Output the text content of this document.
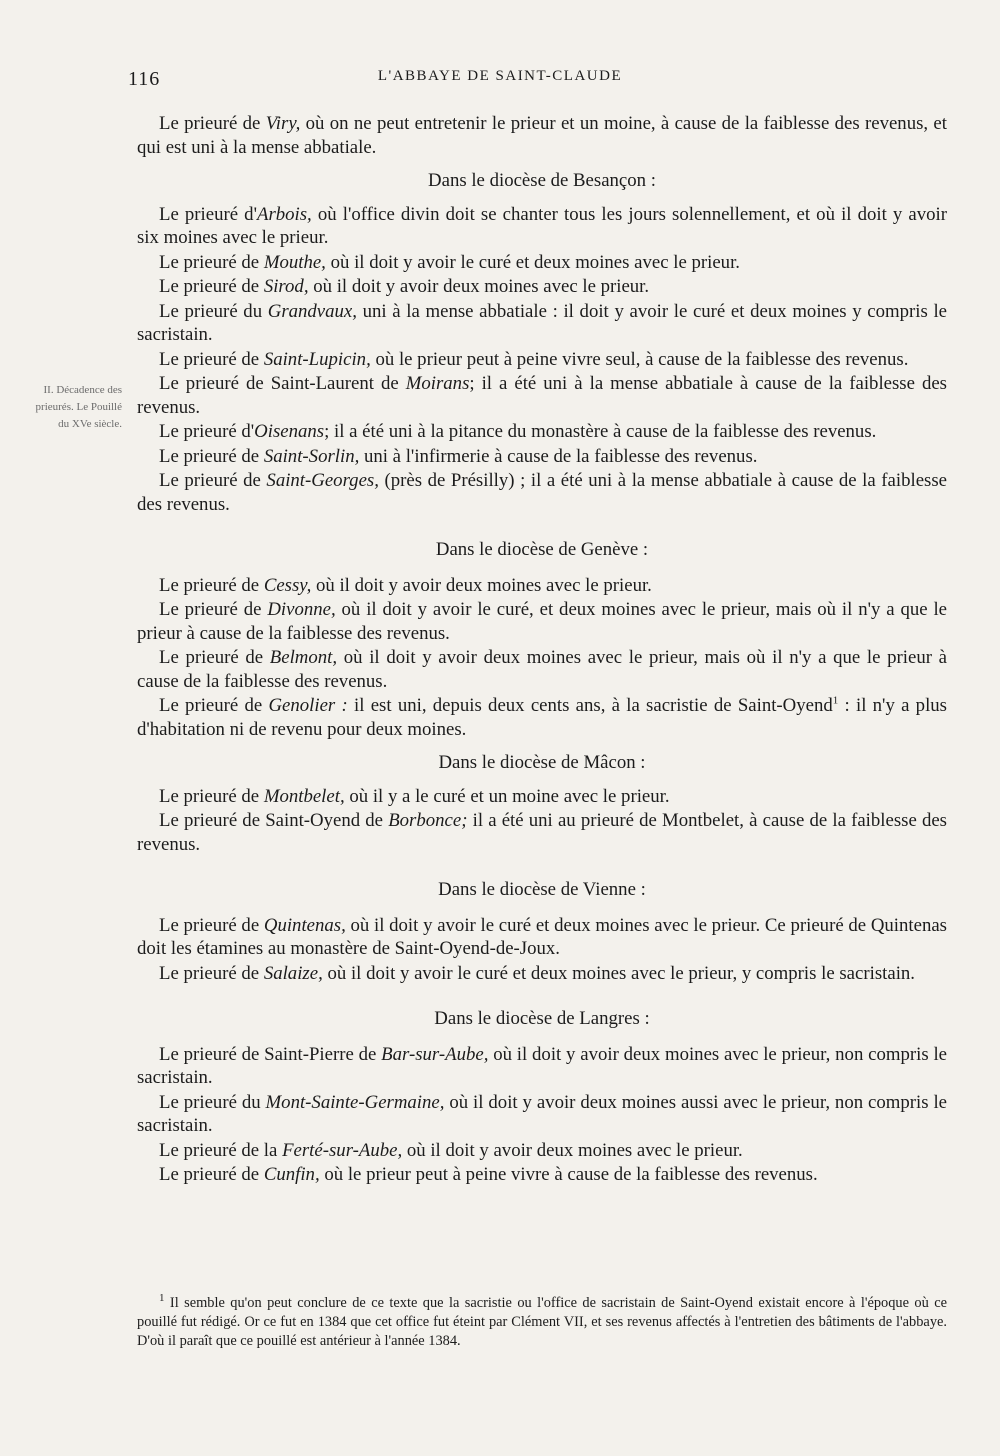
116	L'ABBAYE DE SAINT-CLAUDE
II. Décadence des prieurés. Le Pouillé du XVe siècle.

Le prieuré de Viry, où on ne peut entretenir le prieur et un moine, à cause de la faiblesse des revenus, et qui est uni à la mense abbatiale.

Dans le diocèse de Besançon :

Le prieuré d'Arbois, où l'office divin doit se chanter tous les jours solennellement, et où il doit y avoir six moines avec le prieur.

Le prieuré de Mouthe, où il doit y avoir le curé et deux moines avec le prieur.

Le prieuré de Sirod, où il doit y avoir deux moines avec le prieur.

Le prieuré du Grandvaux, uni à la mense abbatiale : il doit y avoir le curé et deux moines y compris le sacristain.

Le prieuré de Saint-Lupicin, où le prieur peut à peine vivre seul, à cause de la faiblesse des revenus.

Le prieuré de Saint-Laurent de Moirans; il a été uni à la mense abbatiale à cause de la faiblesse des revenus.

Le prieuré d'Oisenans; il a été uni à la pitance du monastère à cause de la faiblesse des revenus.

Le prieuré de Saint-Sorlin, uni à l'infirmerie à cause de la faiblesse des revenus.

Le prieuré de Saint-Georges, (près de Présilly) ; il a été uni à la mense abbatiale à cause de la faiblesse des revenus.

Dans le diocèse de Genève :

Le prieuré de Cessy, où il doit y avoir deux moines avec le prieur.

Le prieuré de Divonne, où il doit y avoir le curé, et deux moines avec le prieur, mais où il n'y a que le prieur à cause de la faiblesse des revenus.

Le prieuré de Belmont, où il doit y avoir deux moines avec le prieur, mais où il n'y a que le prieur à cause de la faiblesse des revenus.

Le prieuré de Genolier : il est uni, depuis deux cents ans, à la sacristie de Saint-Oyend$^1$ : il n'y a plus d'habitation ni de revenu pour deux moines.

Dans le diocèse de Mâcon :

Le prieuré de Montbelet, où il y a le curé et un moine avec le prieur.

Le prieuré de Saint-Oyend de Borbonce; il a été uni au prieuré de Montbelet, à cause de la faiblesse des revenus.

Dans le diocèse de Vienne :

Le prieuré de Quintenas, où il doit y avoir le curé et deux moines avec le prieur. Ce prieuré de Quintenas doit les étamines au monastère de Saint-Oyend-de-Joux.

Le prieuré de Salaize, où il doit y avoir le curé et deux moines avec le prieur, y compris le sacristain.

Dans le diocèse de Langres :

Le prieuré de Saint-Pierre de Bar-sur-Aube, où il doit y avoir deux moines avec le prieur, non compris le sacristain.

Le prieuré du Mont-Sainte-Germaine, où il doit y avoir deux moines aussi avec le prieur, non compris le sacristain.

Le prieuré de la Ferté-sur-Aube, où il doit y avoir deux moines avec le prieur.

Le prieuré de Cunfin, où le prieur peut à peine vivre à cause de la faiblesse des revenus.

$^1$ Il semble qu'on peut conclure de ce texte que la sacristie ou l'office de sacristain de Saint-Oyend existait encore à l'époque où ce pouillé fut rédigé. Or ce fut en 1384 que cet office fut éteint par Clément VII, et ses revenus affectés à l'entretien des bâtiments de l'abbaye. D'où il paraît que ce pouillé est antérieur à l'année 1384.
